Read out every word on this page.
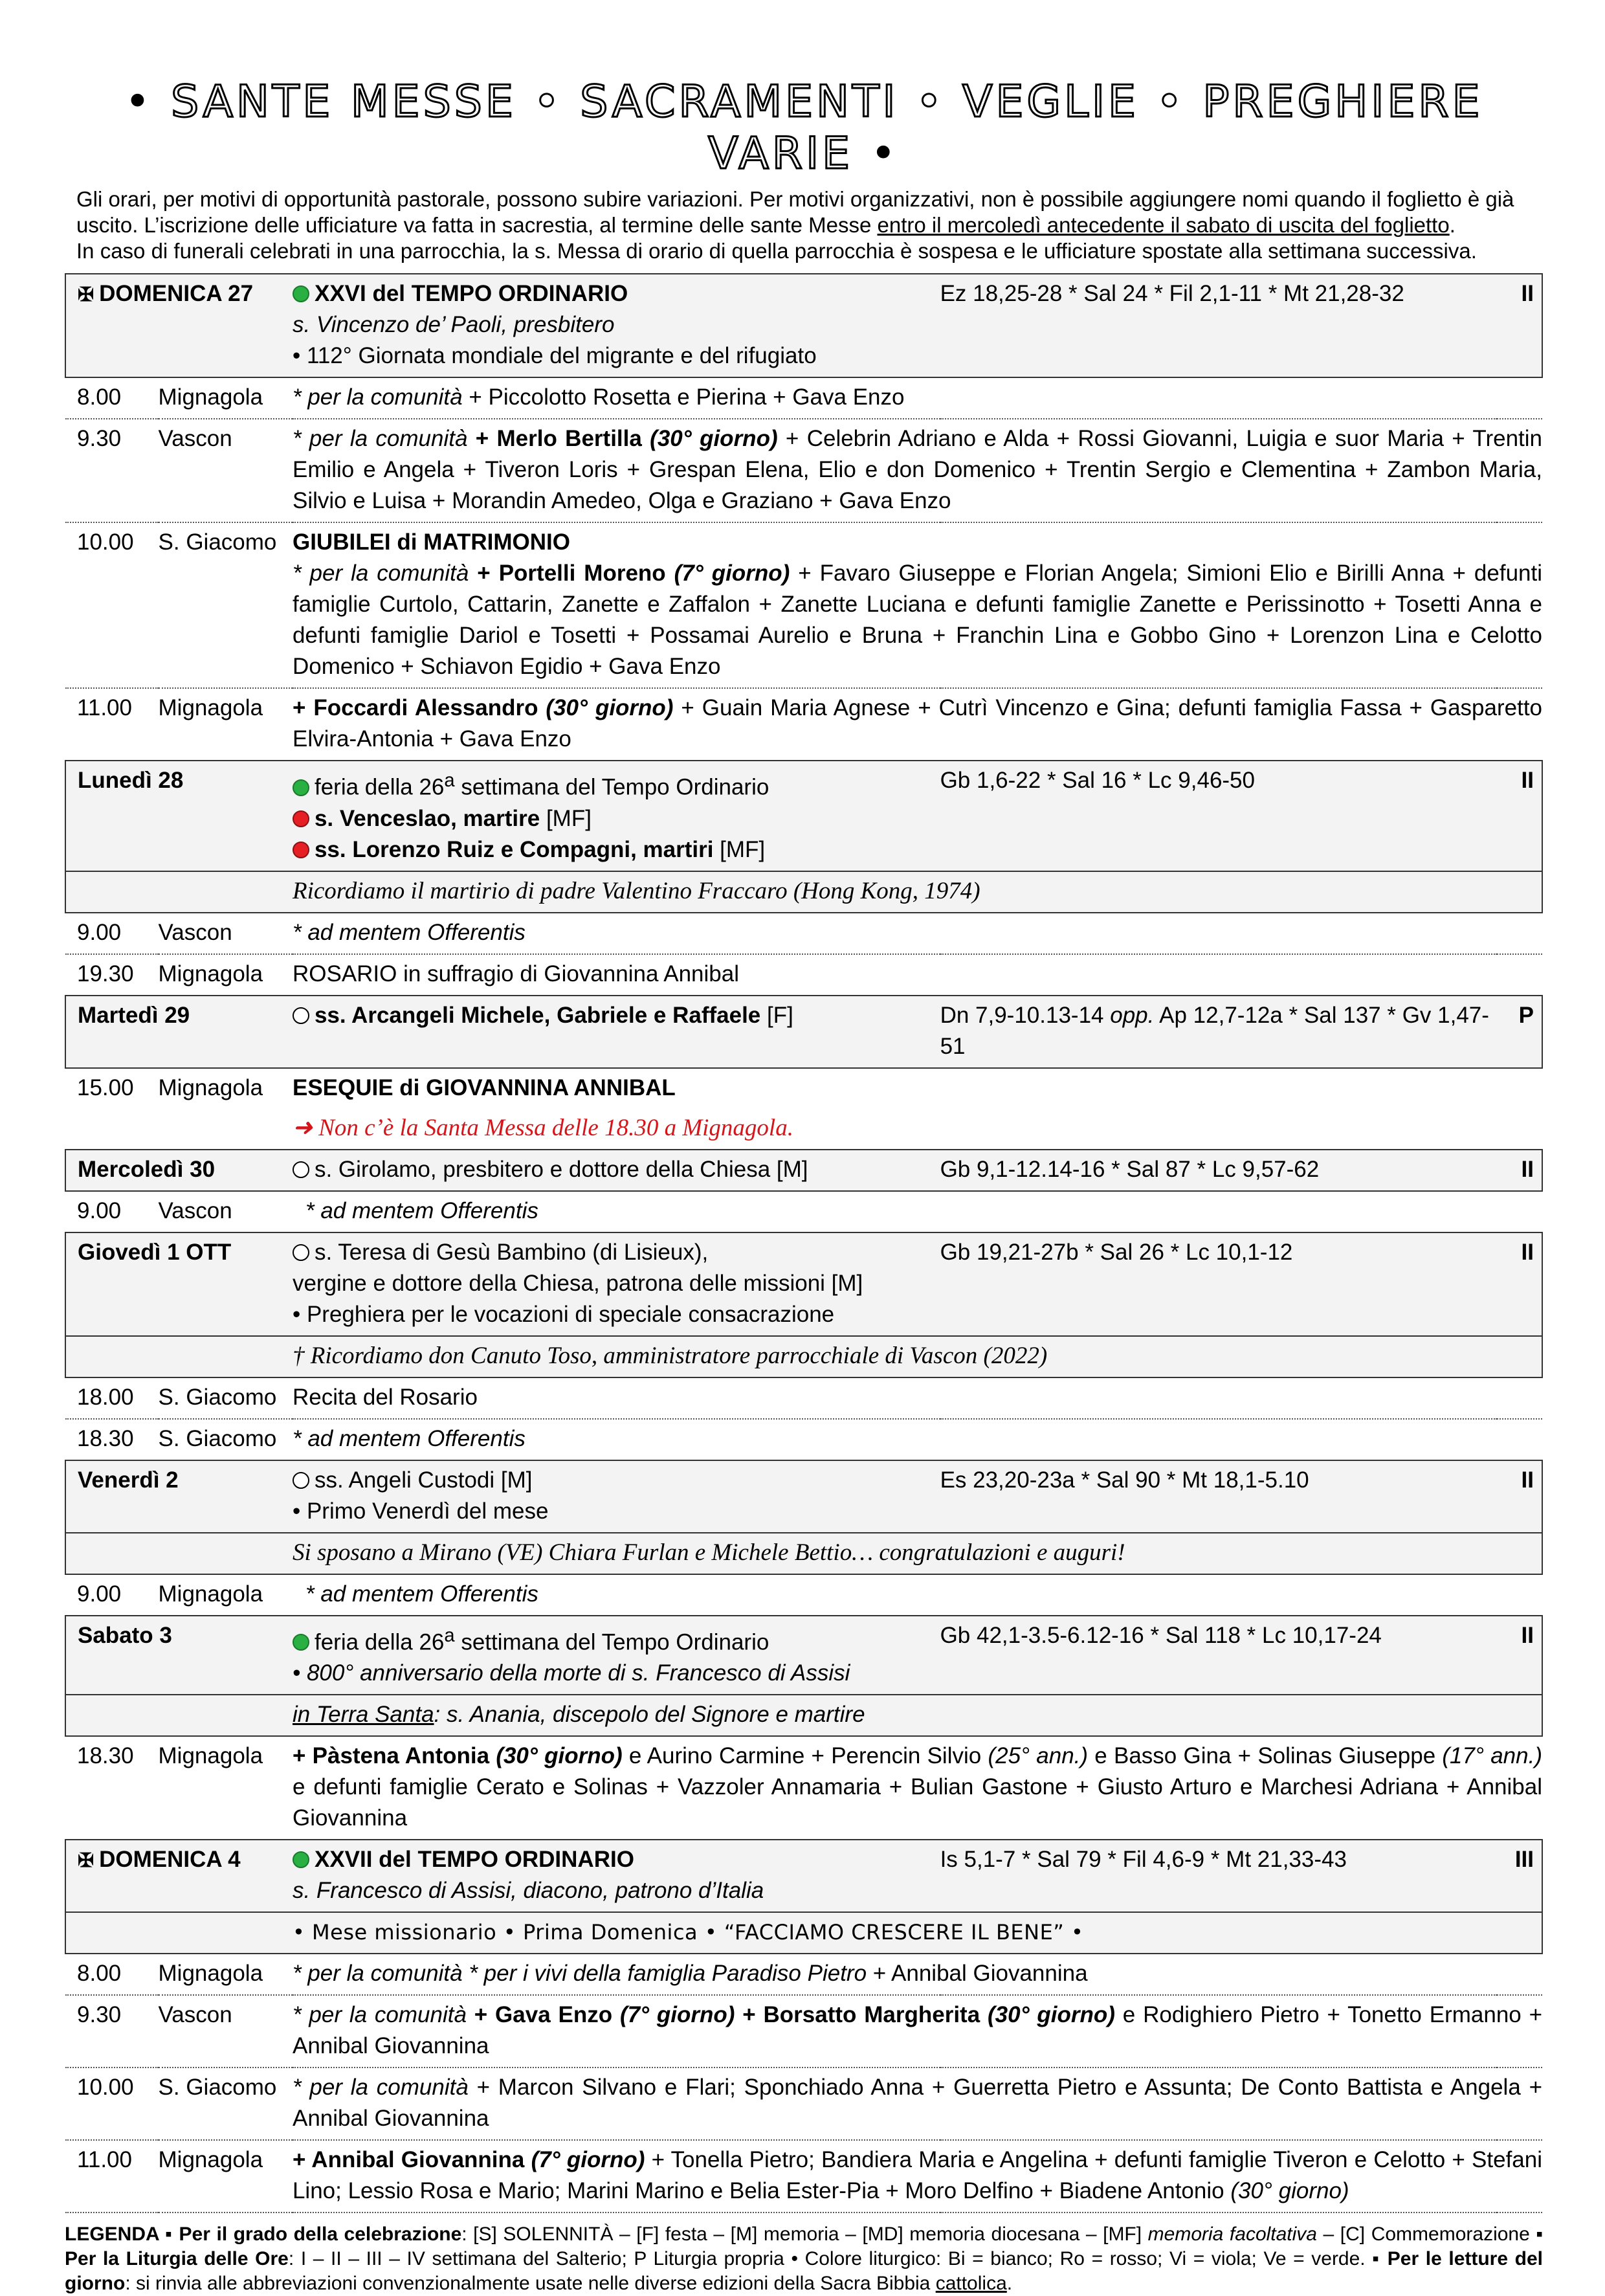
• SANTE MESSE • SACRAMENTI • VEGLIE • PREGHIERE VARIE •
Gli orari, per motivi di opportunità pastorale, possono subire variazioni. Per motivi organizzativi, non è possibile aggiungere nomi quando il foglietto è già uscito. L’iscrizione delle ufficiature va fatta in sacrestia, al termine delle sante Messe entro il mercoledì antecedente il sabato di uscita del foglietto.
In caso di funerali celebrati in una parrocchia, la s. Messa di orario di quella parrocchia è sospesa e le ufficiature spostate alla settimana successiva.
✠ DOMENICA 27		XXVI del TEMPO ORDINARIO
s. Vincenzo de’ Paoli, presbitero
• 112° Giornata mondiale del migrante e del rifugiato	Ez 18,25-28 * Sal 24 * Fil 2,1-11 * Mt 21,28-32	II
8.00	Mignagola	* per la comunità + Piccolotto Rosetta e Pierina + Gava Enzo		
9.30	Vascon	* per la comunità + Merlo Bertilla (30° giorno) + Celebrin Adriano e Alda + Rossi Giovanni, Luigia e suor Maria + Trentin Emilio e Angela + Tiveron Loris + Grespan Elena, Elio e don Domenico + Trentin Sergio e Clementina + Zambon Maria, Silvio e Luisa + Morandin Amedeo, Olga e Graziano + Gava Enzo		
10.00	S. Giacomo	GIUBILEI di MATRIMONIO
* per la comunità + Portelli Moreno (7° giorno) + Favaro Giuseppe e Florian Angela; Simioni Elio e Birilli Anna + defunti famiglie Curtolo, Cattarin, Zanette e Zaffalon + Zanette Luciana e defunti famiglie Zanette e Perissinotto + Tosetti Anna e defunti famiglie Dariol e Tosetti + Possamai Aurelio e Bruna + Franchin Lina e Gobbo Gino + Lorenzon Lina e Celotto Domenico + Schiavon Egidio + Gava Enzo		
11.00	Mignagola	+ Foccardi Alessandro (30° giorno) + Guain Maria Agnese + Cutrì Vincenzo e Gina; defunti famiglia Fassa + Gasparetto Elvira-Antonia + Gava Enzo		
Lunedì 28		feria della 26$^a$ settimana del Tempo Ordinario
s. Venceslao, martire [MF]
ss. Lorenzo Ruiz e Compagni, martiri [MF]	Gb 1,6-22 * Sal 16 * Lc 9,46-50	II
		Ricordiamo il martirio di padre Valentino Fraccaro (Hong Kong, 1974)		
9.00	Vascon	* ad mentem Offerentis		
19.30	Mignagola	ROSARIO in suffragio di Giovannina Annibal		
Martedì 29		ss. Arcangeli Michele, Gabriele e Raffaele [F]	Dn 7,9-10.13-14 opp. Ap 12,7-12a * Sal 137 * Gv 1,47-51	P
15.00	Mignagola	ESEQUIE di GIOVANNINA ANNIBAL		
		➜ Non c’è la Santa Messa delle 18.30 a Mignagola.		
Mercoledì 30		s. Girolamo, presbitero e dottore della Chiesa [M]	Gb 9,1-12.14-16 * Sal 87 * Lc 9,57-62	II
9.00	Vascon	* ad mentem Offerentis		
Giovedì 1 OTT		s. Teresa di Gesù Bambino (di Lisieux),
vergine e dottore della Chiesa, patrona delle missioni [M]
• Preghiera per le vocazioni di speciale consacrazione	Gb 19,21-27b * Sal 26 * Lc 10,1-12	II
		† Ricordiamo don Canuto Toso, amministratore parrocchiale di Vascon (2022)		
18.00	S. Giacomo	Recita del Rosario		
18.30	S. Giacomo	* ad mentem Offerentis		
Venerdì 2		ss. Angeli Custodi [M]
• Primo Venerdì del mese	Es 23,20-23a * Sal 90 * Mt 18,1-5.10	II
		Si sposano a Mirano (VE) Chiara Furlan e Michele Bettio… congratulazioni e auguri!		
9.00	Mignagola	* ad mentem Offerentis		
Sabato 3		feria della 26$^a$ settimana del Tempo Ordinario
• 800° anniversario della morte di s. Francesco di Assisi	Gb 42,1-3.5-6.12-16 * Sal 118 * Lc 10,17-24	II
		in Terra Santa: s. Anania, discepolo del Signore e martire		
18.30	Mignagola	+ Pàstena Antonia (30° giorno) e Aurino Carmine + Perencin Silvio (25° ann.) e Basso Gina + Solinas Giuseppe (17° ann.) e defunti famiglie Cerato e Solinas + Vazzoler Annamaria + Bulian Gastone + Giusto Arturo e Marchesi Adriana + Annibal Giovannina		
✠ DOMENICA 4		XXVII del TEMPO ORDINARIO
s. Francesco di Assisi, diacono, patrono d’Italia	Is 5,1-7 * Sal 79 * Fil 4,6-9 * Mt 21,33-43	III
		• Mese missionario • Prima Domenica • “FACCIAMO CRESCERE IL BENE” •		
8.00	Mignagola	* per la comunità * per i vivi della famiglia Paradiso Pietro + Annibal Giovannina		
9.30	Vascon	* per la comunità + Gava Enzo (7° giorno) + Borsatto Margherita (30° giorno) e Rodighiero Pietro + Tonetto Ermanno + Annibal Giovannina		
10.00	S. Giacomo	* per la comunità + Marcon Silvano e Flari; Sponchiado Anna + Guerretta Pietro e Assunta; De Conto Battista e Angela + Annibal Giovannina		
11.00	Mignagola	+ Annibal Giovannina (7° giorno) + Tonella Pietro; Bandiera Maria e Angelina + defunti famiglie Tiveron e Celotto + Stefani Lino; Lessio Rosa e Mario; Marini Marino e Belia Ester-Pia + Moro Delfino + Biadene Antonio (30° giorno)		
LEGENDA ▪ Per il grado della celebrazione: [S] SOLENNITÀ – [F] festa – [M] memoria – [MD] memoria diocesana – [MF] memoria facoltativa – [C] Commemorazione ▪ Per la Liturgia delle Ore: I – II – III – IV settimana del Salterio; P Liturgia propria • Colore liturgico: Bi = bianco; Ro = rosso; Vi = viola; Ve = verde. ▪ Per le letture del giorno: si rinvia alle abbreviazioni convenzionalmente usate nelle diverse edizioni della Sacra Bibbia cattolica.
